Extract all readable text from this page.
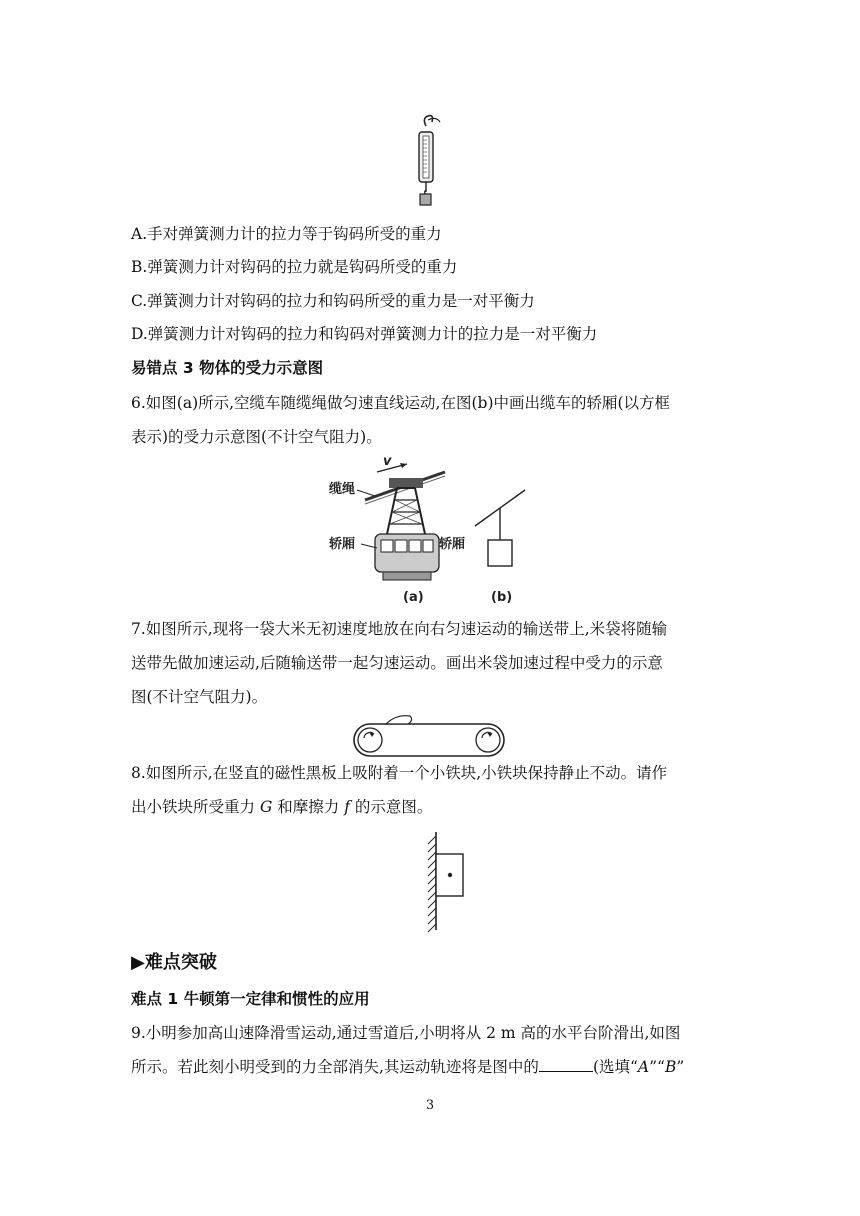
A.手对弹簧测力计的拉力等于钩码所受的重力
B.弹簧测力计对钩码的拉力就是钩码所受的重力
C.弹簧测力计对钩码的拉力和钩码所受的重力是一对平衡力
D.弹簧测力计对钩码的拉力和钩码对弹簧测力计的拉力是一对平衡力
易错点 3 物体的受力示意图
6.如图(a)所示,空缆车随缆绳做匀速直线运动,在图(b)中画出缆车的轿厢(以方框
表示)的受力示意图(不计空气阻力)。
v
缆绳
轿厢
(a)
轿厢
(b)
7.如图所示,现将一袋大米无初速度地放在向右匀速运动的输送带上,米袋将随输
送带先做加速运动,后随输送带一起匀速运动。画出米袋加速过程中受力的示意
图(不计空气阻力)。
8.如图所示,在竖直的磁性黑板上吸附着一个小铁块,小铁块保持静止不动。请作
出小铁块所受重力 G 和摩擦力 f 的示意图。
▶难点突破
难点 1 牛顿第一定律和惯性的应用
9.小明参加高山速降滑雪运动,通过雪道后,小明将从 2 m 高的水平台阶滑出,如图
所示。若此刻小明受到的力全部消失,其运动轨迹将是图中的	(选填“A”“B”
3
